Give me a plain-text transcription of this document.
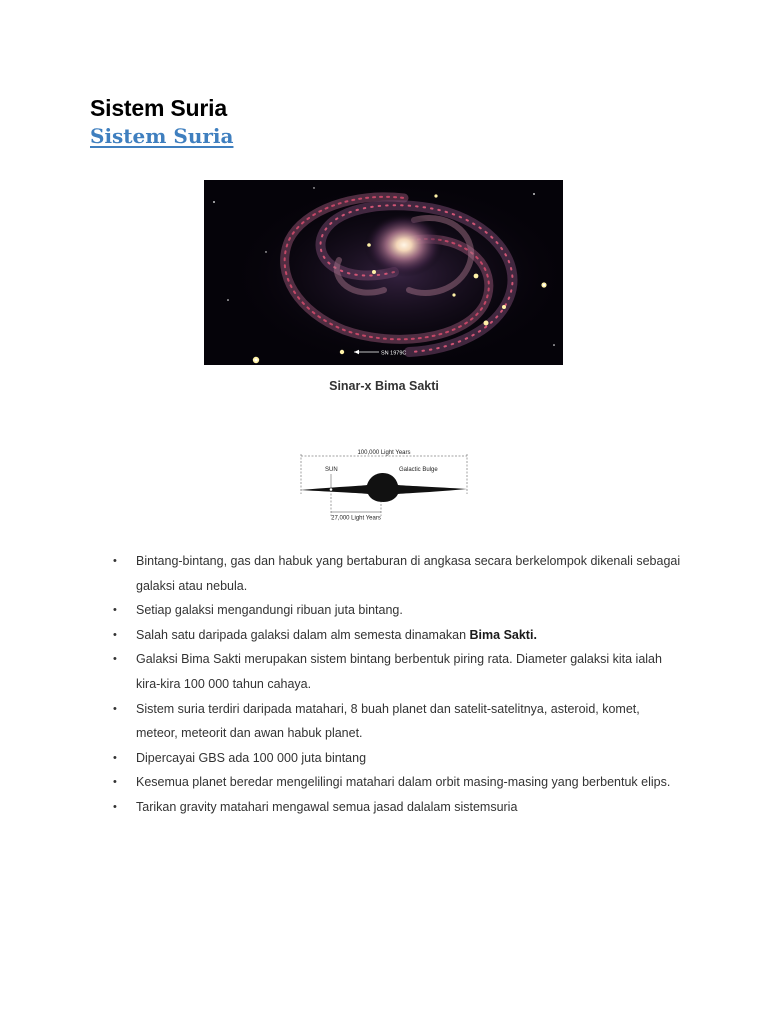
Sistem Suria
Sistem Suria
SN 1979C
Sinar-x Bima Sakti
100,000 Light Years
SUN	Galactic Bulge
27,000 Light Years
• Bintang-bintang, gas dan habuk yang bertaburan di angkasa secara berkelompok dikenali sebagai galaksi atau nebula.
• Setiap galaksi mengandungi ribuan juta bintang.
• Salah satu daripada galaksi dalam alm semesta dinamakan Bima Sakti.
• Galaksi Bima Sakti merupakan sistem bintang berbentuk piring rata. Diameter galaksi kita ialah kira-kira 100 000 tahun cahaya.
• Sistem suria terdiri daripada matahari, 8 buah planet dan satelit-satelitnya, asteroid, komet, meteor, meteorit dan awan habuk planet.
• Dipercayai GBS ada 100 000 juta bintang
• Kesemua planet beredar mengelilingi matahari dalam orbit masing-masing yang berbentuk elips.
• Tarikan gravity matahari mengawal semua jasad dalalam sistemsuria
